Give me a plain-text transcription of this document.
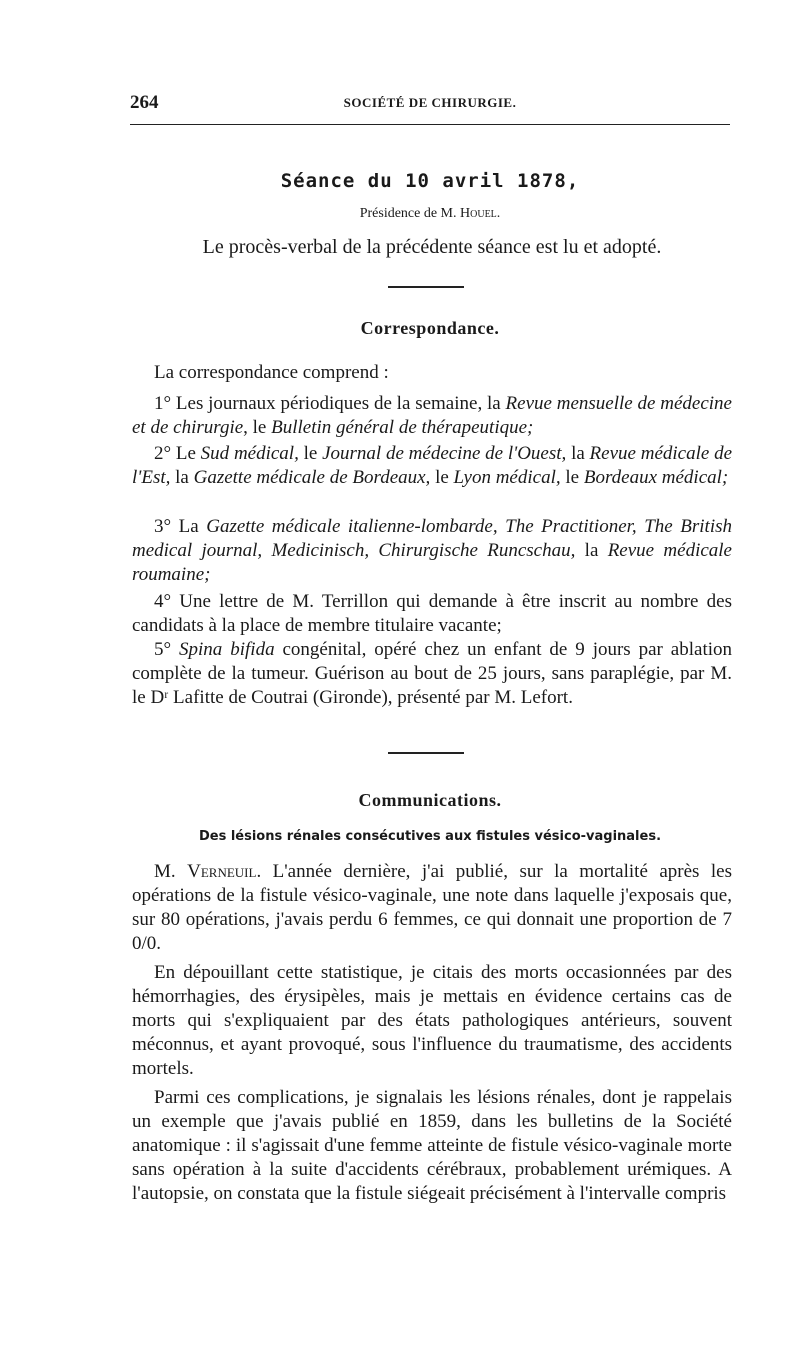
264	SOCIÉTÉ DE CHIRURGIE.
Séance du 10 avril 1878,
Présidence de M. Houel.
Le procès-verbal de la précédente séance est lu et adopté.
Correspondance.
La correspondance comprend :
1° Les journaux périodiques de la semaine, la Revue mensuelle de médecine et de chirurgie, le Bulletin général de thérapeutique;
2° Le Sud médical, le Journal de médecine de l'Ouest, la Revue médicale de l'Est, la Gazette médicale de Bordeaux, le Lyon médical, le Bordeaux médical;
3° La Gazette médicale italienne-lombarde, The Practitioner, The British medical journal, Medicinisch, Chirurgische Runcschau, la Revue médicale roumaine;
4° Une lettre de M. Terrillon qui demande à être inscrit au nombre des candidats à la place de membre titulaire vacante;
5° Spina bifida congénital, opéré chez un enfant de 9 jours par ablation complète de la tumeur. Guérison au bout de 25 jours, sans paraplégie, par M. le Dʳ Lafitte de Coutrai (Gironde), présenté par M. Lefort.
Communications.
Des lésions rénales consécutives aux fistules vésico-vaginales.
M. Verneuil. L'année dernière, j'ai publié, sur la mortalité après les opérations de la fistule vésico-vaginale, une note dans laquelle j'exposais que, sur 80 opérations, j'avais perdu 6 femmes, ce qui donnait une proportion de 7 0/0.
En dépouillant cette statistique, je citais des morts occasionnées par des hémorrhagies, des érysipèles, mais je mettais en évidence certains cas de morts qui s'expliquaient par des états pathologiques antérieurs, souvent méconnus, et ayant provoqué, sous l'influence du traumatisme, des accidents mortels.
Parmi ces complications, je signalais les lésions rénales, dont je rappelais un exemple que j'avais publié en 1859, dans les bulletins de la Société anatomique : il s'agissait d'une femme atteinte de fistule vésico-vaginale morte sans opération à la suite d'accidents cérébraux, probablement urémiques. A l'autopsie, on constata que la fistule siégeait précisément à l'intervalle compris
